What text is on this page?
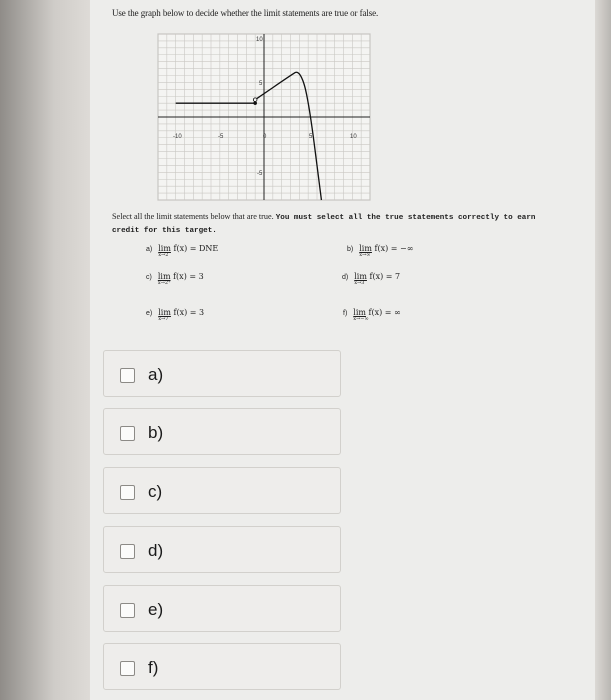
Use the graph below to decide whether the limit statements are true or false.
-10	-5	0	5	10
10
5
-5
Select all the limit statements below that are true. You must select all the true statements correctly to earn credit for this target.
a) lim
x→2
f(x) = DNE	b) lim
x→∞
f(x) = −∞
c) lim
x→2⁺
f(x) = 3	d) lim
x→3
f(x) = 7
e) lim
x→7
f(x) = 3	f) lim
x→−∞
f(x) = ∞
a)
b)
c)
d)
e)
f)
